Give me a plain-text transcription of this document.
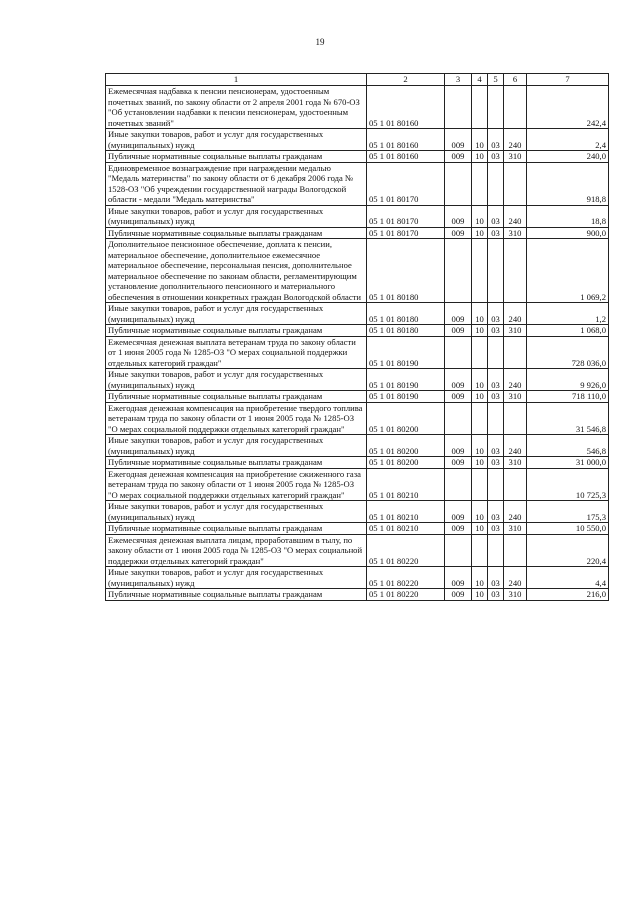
19
1	2	3	4	5	6	7
Ежемесячная надбавка к пенсии пенсионерам, удостоенным почетных званий, по закону области от 2 апреля 2001 года № 670-ОЗ "Об установлении надбавки к пенсии пенсионерам, удостоенным почетных званий"	05 1 01 80160					242,4
Иные закупки товаров, работ и услуг для государственных (муниципальных) нужд	05 1 01 80160	009	10	03	240	2,4
Публичные нормативные социальные выплаты гражданам	05 1 01 80160	009	10	03	310	240,0
Единовременное вознаграждение при награждении медалью "Медаль материнства" по закону области от 6 декабря 2006 года № 1528-ОЗ "Об учреждении государственной награды Вологодской области - медали "Медаль материнства"	05 1 01 80170					918,8
Иные закупки товаров, работ и услуг для государственных (муниципальных) нужд	05 1 01 80170	009	10	03	240	18,8
Публичные нормативные социальные выплаты гражданам	05 1 01 80170	009	10	03	310	900,0
Дополнительное пенсионное обеспечение, доплата к пенсии, материальное обеспечение, дополнительное ежемесячное материальное обеспечение, персональная пенсия, дополнительное материальное обеспечение по законам области, регламентирующим установление дополнительного пенсионного и материального обеспечения в отношении конкретных граждан Вологодской области	05 1 01 80180					1 069,2
Иные закупки товаров, работ и услуг для государственных (муниципальных) нужд	05 1 01 80180	009	10	03	240	1,2
Публичные нормативные социальные выплаты гражданам	05 1 01 80180	009	10	03	310	1 068,0
Ежемесячная денежная выплата ветеранам труда по закону области от 1 июня 2005 года № 1285-ОЗ "О мерах социальной поддержки отдельных категорий граждан"	05 1 01 80190					728 036,0
Иные закупки товаров, работ и услуг для государственных (муниципальных) нужд	05 1 01 80190	009	10	03	240	9 926,0
Публичные нормативные социальные выплаты гражданам	05 1 01 80190	009	10	03	310	718 110,0
Ежегодная денежная компенсация на приобретение твердого топлива ветеранам труда по закону области от 1 июня 2005 года № 1285-ОЗ "О мерах социальной поддержки отдельных категорий граждан"	05 1 01 80200					31 546,8
Иные закупки товаров, работ и услуг для государственных (муниципальных) нужд	05 1 01 80200	009	10	03	240	546,8
Публичные нормативные социальные выплаты гражданам	05 1 01 80200	009	10	03	310	31 000,0
Ежегодная денежная компенсация на приобретение сжиженного газа ветеранам труда по закону области от 1 июня 2005 года № 1285-ОЗ "О мерах социальной поддержки отдельных категорий граждан"	05 1 01 80210					10 725,3
Иные закупки товаров, работ и услуг для государственных (муниципальных) нужд	05 1 01 80210	009	10	03	240	175,3
Публичные нормативные социальные выплаты гражданам	05 1 01 80210	009	10	03	310	10 550,0
Ежемесячная денежная выплата лицам, проработавшим в тылу, по закону области от 1 июня 2005 года № 1285-ОЗ "О мерах социальной поддержки отдельных категорий граждан"	05 1 01 80220					220,4
Иные закупки товаров, работ и услуг для государственных (муниципальных) нужд	05 1 01 80220	009	10	03	240	4,4
Публичные нормативные социальные выплаты гражданам	05 1 01 80220	009	10	03	310	216,0
